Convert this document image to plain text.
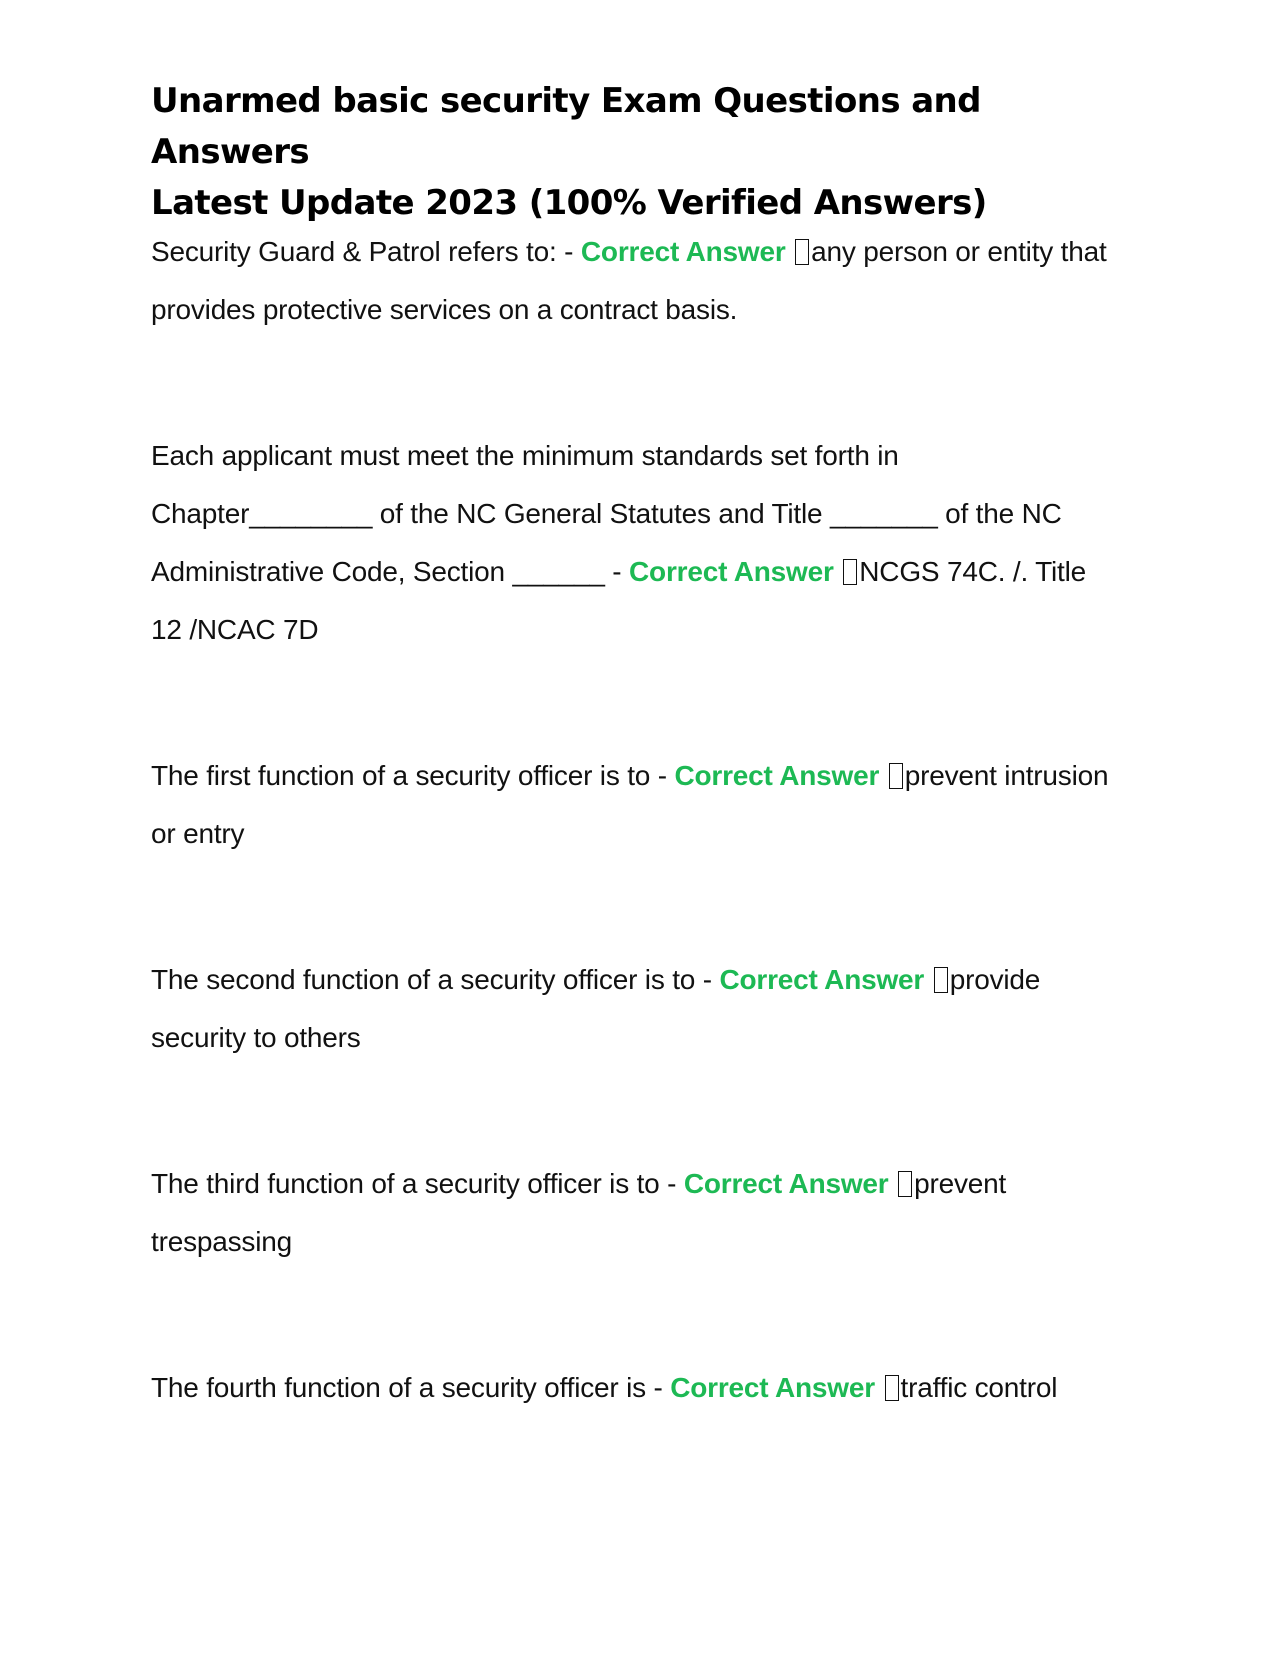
Unarmed basic security Exam Questions and Answers
Latest Update 2023 (100% Verified Answers)

Security Guard & Patrol refers to: - Correct Answer any person or entity that provides protective services on a contract basis.

Each applicant must meet the minimum standards set forth in Chapter________ of the NC General Statutes and Title _______ of the NC Administrative Code, Section ______ - Correct Answer NCGS 74C. /. Title 12 /NCAC 7D

The first function of a security officer is to - Correct Answer prevent intrusion or entry

The second function of a security officer is to - Correct Answer provide security to others

The third function of a security officer is to - Correct Answer prevent trespassing

The fourth function of a security officer is - Correct Answer traffic control
